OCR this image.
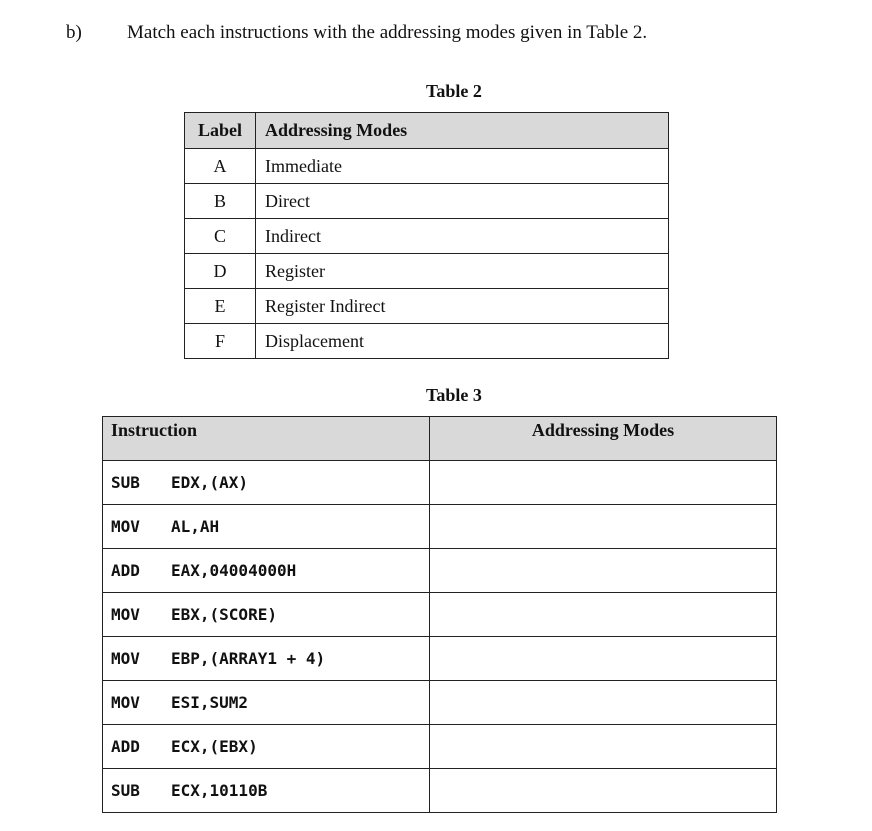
b) Match each instructions with the addressing modes given in Table 2.
Table 2
Label	Addressing Modes
A	Immediate
B	Direct
C	Indirect
D	Register
E	Register Indirect
F	Displacement
Table 3
Instruction	Addressing Modes
SUB EDX,(AX)	
MOV AL,AH	
ADD EAX,04004000H	
MOV EBX,(SCORE)	
MOV EBP,(ARRAY1 + 4)	
MOV ESI,SUM2	
ADD ECX,(EBX)	
SUB ECX,10110B	
